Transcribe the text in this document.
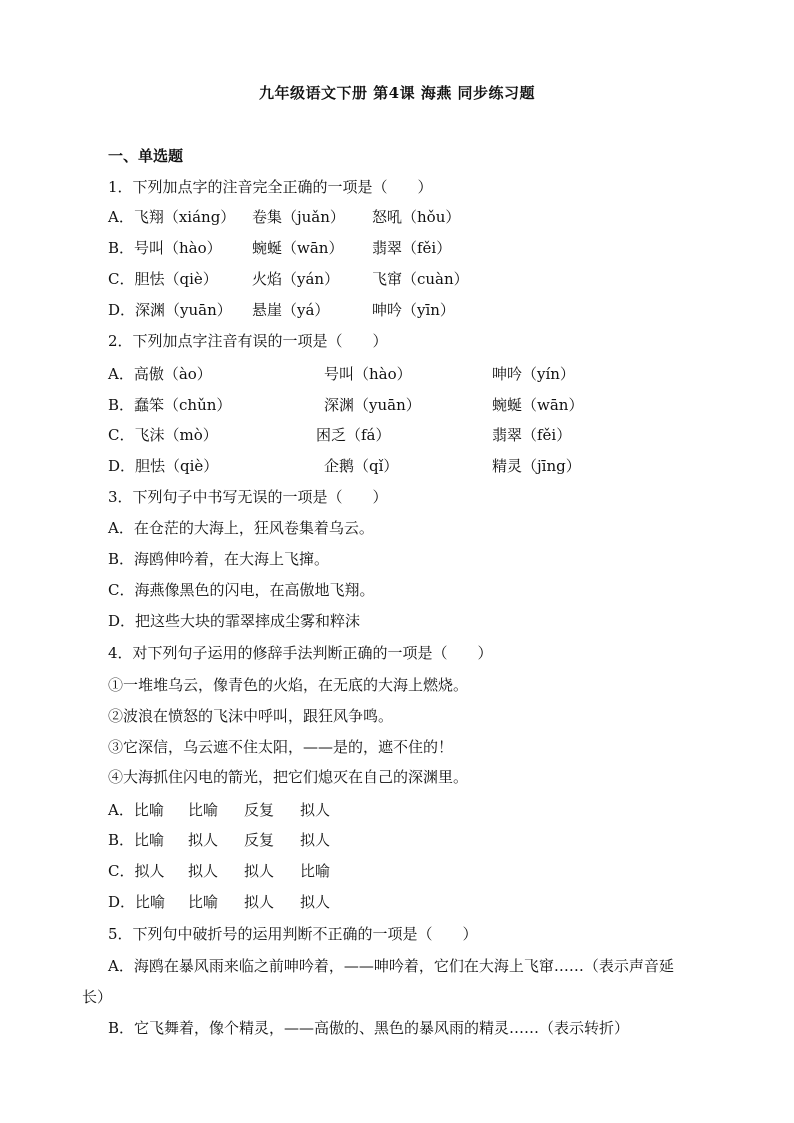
九年级语文下册 第4课 海燕 同步练习题
一、单选题
1．下列加点字的注音完全正确的一项是（　　）
A．飞翔（xiáng） 卷集（juǎn） 怒吼（hǒu）
B．号叫（hào） 蜿蜒（wān） 翡翠（fěi）
C．胆怯（qiè） 火焰（yán） 飞窜（cuàn）
D．深渊（yuān） 悬崖（yá）	呻吟（yīn）
2．下列加点字注音有误的一项是（　　）
A．高傲（ào）	号叫（hào）	呻吟（yín）
B．蠢笨（chǔn）	深渊（yuān）	蜿蜒（wān）
C．飞沫（mò）	困乏（fá）	翡翠（fěi）
D．胆怯（qiè）	企鹅（qǐ）	精灵（jīng）
3．下列句子中书写无误的一项是（　　）
A．在仓茫的大海上，狂风卷集着乌云。
B．海鸥伸吟着，在大海上飞撺。
C．海燕像黑色的闪电，在高傲地飞翔。
D．把这些大块的霏翠摔成尘雾和粹沫
4．对下列句子运用的修辞手法判断正确的一项是（　　）
①一堆堆乌云，像青色的火焰，在无底的大海上燃烧。
②波浪在愤怒的飞沫中呼叫，跟狂风争鸣。
③它深信，乌云遮不住太阳，——是的，遮不住的！
④大海抓住闪电的箭光，把它们熄灭在自己的深渊里。
A．比喻 比喻 反复 拟人
B．比喻 拟人 反复 拟人
C．拟人 拟人 拟人 比喻
D．比喻 比喻 拟人 拟人
5．下列句中破折号的运用判断不正确的一项是（　　）
A．海鸥在暴风雨来临之前呻吟着，——呻吟着，它们在大海上飞窜……（表示声音延
长）
B．它飞舞着，像个精灵，——高傲的、黑色的暴风雨的精灵……（表示转折）
